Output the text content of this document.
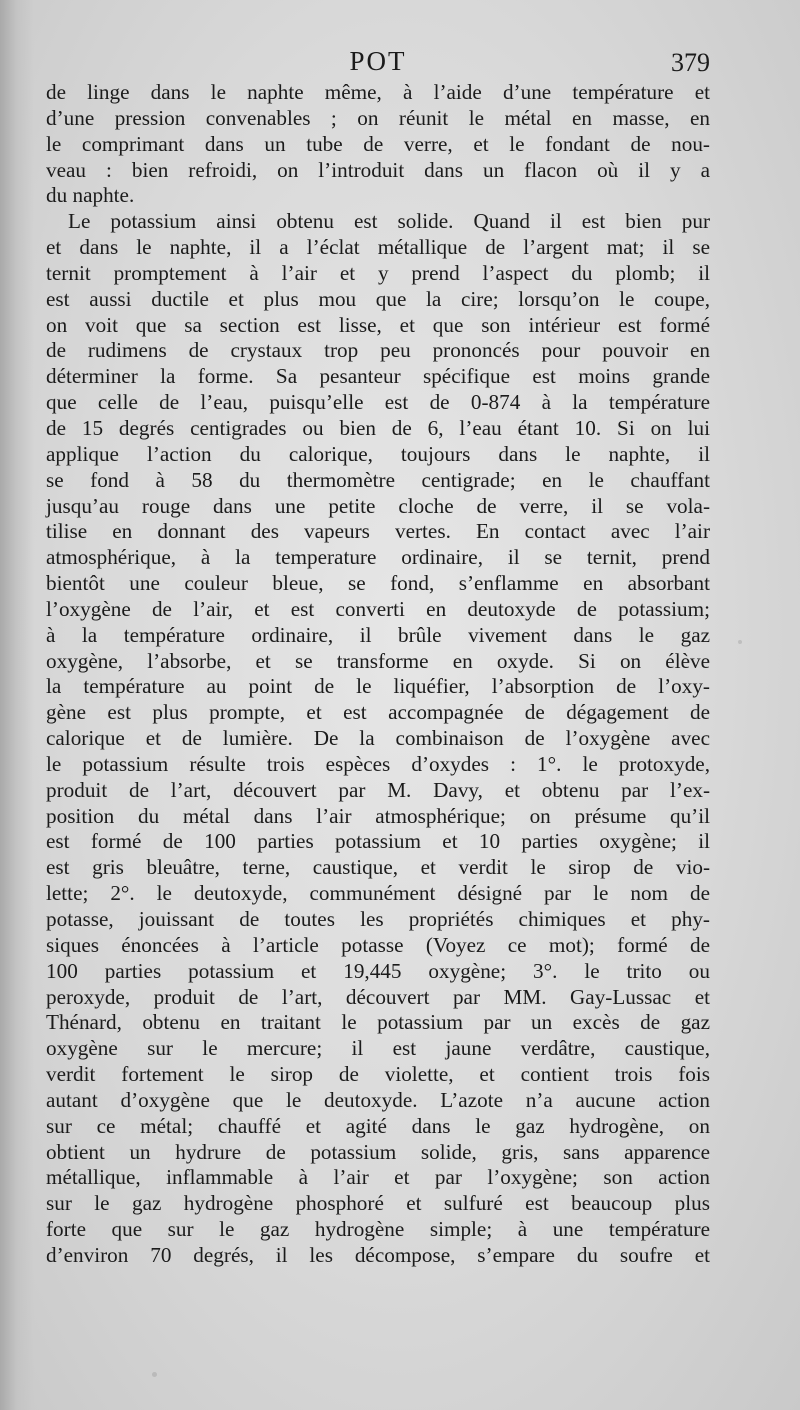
POT	379
de linge dans le naphte même, à l’aide d’une température et
d’une pression convenables ; on réunit le métal en masse, en
le comprimant dans un tube de verre, et le fondant de nou-
veau : bien refroidi, on l’introduit dans un flacon où il y a
du naphte.
Le potassium ainsi obtenu est solide. Quand il est bien pur
et dans le naphte, il a l’éclat métallique de l’argent mat; il se
ternit promptement à l’air et y prend l’aspect du plomb; il
est aussi ductile et plus mou que la cire; lorsqu’on le coupe,
on voit que sa section est lisse, et que son intérieur est formé
de rudimens de crystaux trop peu prononcés pour pouvoir en
déterminer la forme. Sa pesanteur spécifique est moins grande
que celle de l’eau, puisqu’elle est de 0-874 à la température
de 15 degrés centigrades ou bien de 6, l’eau étant 10. Si on lui
applique l’action du calorique, toujours dans le naphte, il
se fond à 58 du thermomètre centigrade; en le chauffant
jusqu’au rouge dans une petite cloche de verre, il se vola-
tilise en donnant des vapeurs vertes. En contact avec l’air
atmosphérique, à la temperature ordinaire, il se ternit, prend
bientôt une couleur bleue, se fond, s’enflamme en absorbant
l’oxygène de l’air, et est converti en deutoxyde de potassium;
à la température ordinaire, il brûle vivement dans le gaz
oxygène, l’absorbe, et se transforme en oxyde. Si on élève
la température au point de le liquéfier, l’absorption de l’oxy-
gène est plus prompte, et est accompagnée de dégagement de
calorique et de lumière. De la combinaison de l’oxygène avec
le potassium résulte trois espèces d’oxydes : 1°. le protoxyde,
produit de l’art, découvert par M. Davy, et obtenu par l’ex-
position du métal dans l’air atmosphérique; on présume qu’il
est formé de 100 parties potassium et 10 parties oxygène; il
est gris bleuâtre, terne, caustique, et verdit le sirop de vio-
lette; 2°. le deutoxyde, communément désigné par le nom de
potasse, jouissant de toutes les propriétés chimiques et phy-
siques énoncées à l’article potasse (Voyez ce mot); formé de
100 parties potassium et 19,445 oxygène; 3°. le trito ou
peroxyde, produit de l’art, découvert par MM. Gay-Lussac et
Thénard, obtenu en traitant le potassium par un excès de gaz
oxygène sur le mercure; il est jaune verdâtre, caustique,
verdit fortement le sirop de violette, et contient trois fois
autant d’oxygène que le deutoxyde. L’azote n’a aucune action
sur ce métal; chauffé et agité dans le gaz hydrogène, on
obtient un hydrure de potassium solide, gris, sans apparence
métallique, inflammable à l’air et par l’oxygène; son action
sur le gaz hydrogène phosphoré et sulfuré est beaucoup plus
forte que sur le gaz hydrogène simple; à une température
d’environ 70 degrés, il les décompose, s’empare du soufre et
